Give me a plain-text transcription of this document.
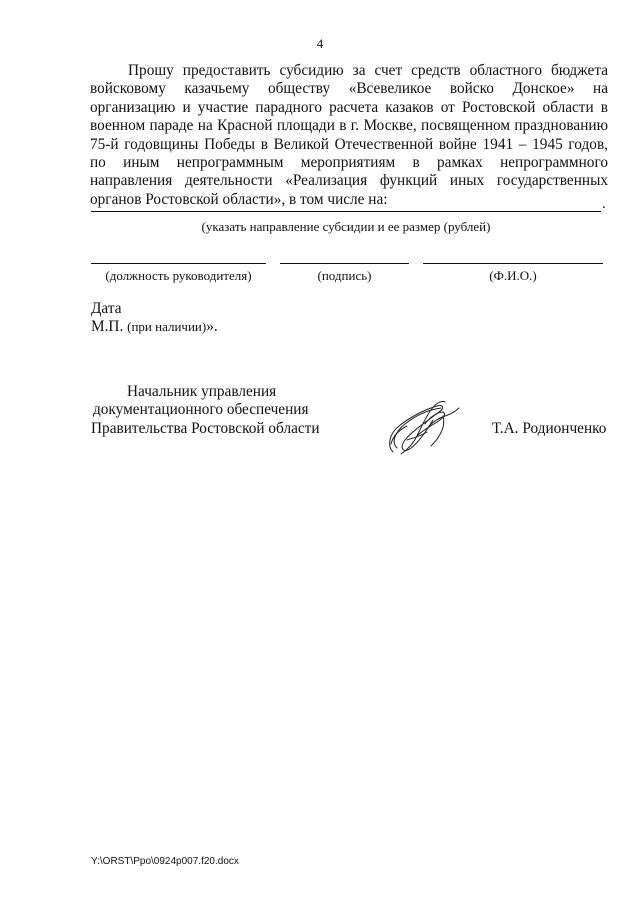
4

Прошу предоставить субсидию за счет средств областного бюджета войсковому казачьему обществу «Всевеликое войско Донское» на организацию и участие парадного расчета казаков от Ростовской области в военном параде на Красной площади в г. Москве, посвященном празднованию 75-й годовщины Победы в Великой Отечественной войне 1941 – 1945 годов, по иным непрограммным мероприятиям в рамках непрограммного направления деятельности «Реализация функций иных государственных органов Ростовской области», в том числе на:	.
(указать направление субсидии и ее размер (рублей)
(должность руководителя)	(подпись)	(Ф.И.О.)
Дата
М.П. (при наличии)».
Начальник управления
документационного обеспечения
Правительства Ростовской области	Т.А. Родионченко
Y:\ORST\Ppo\0924p007.f20.docx
